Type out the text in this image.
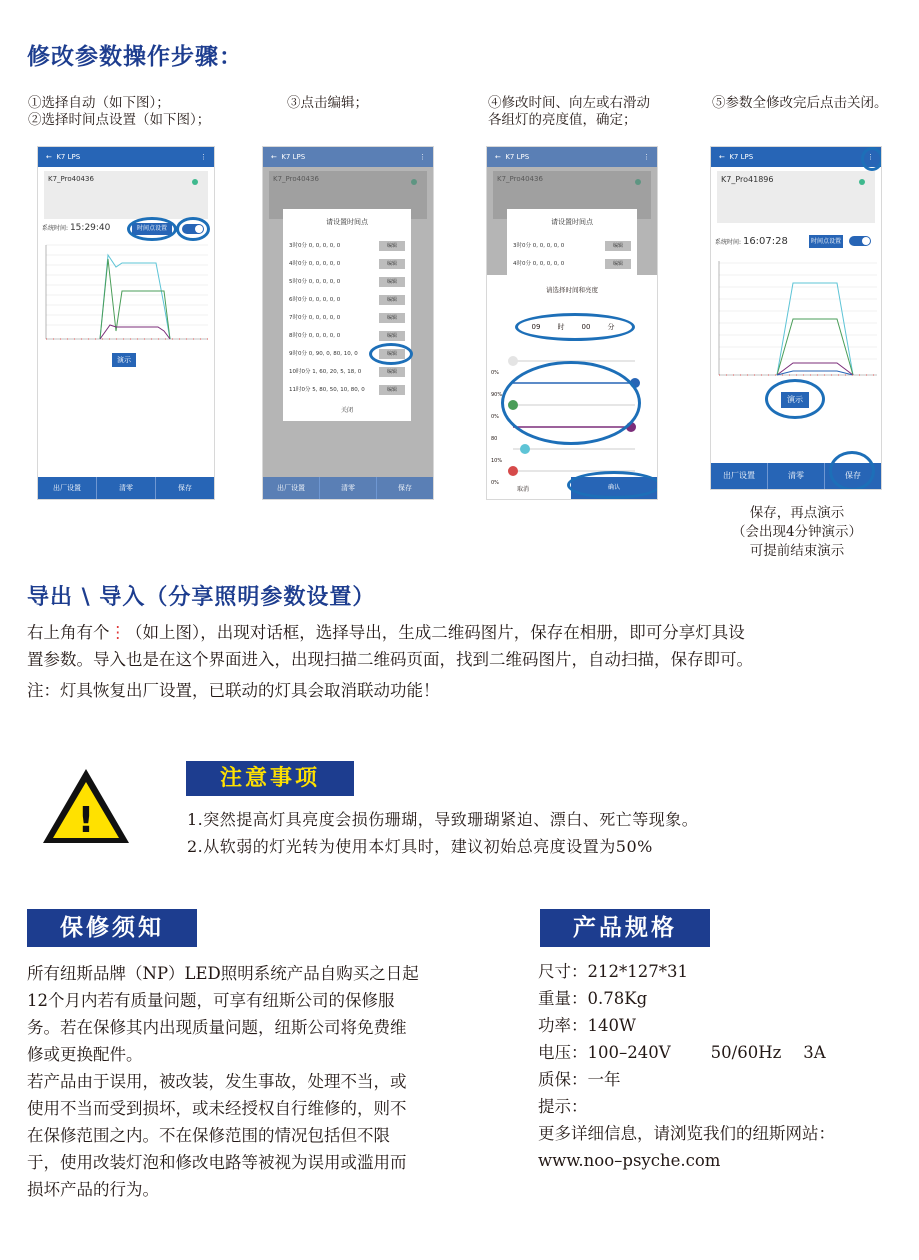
修改参数操作步骤：
①选择自动（如下图）；
②选择时间点设置（如下图）；
③点击编辑；	④修改时间、向左或右滑动
各组灯的亮度值，确定；
⑤参数全修改完后点击关闭。
← K7 LPS	⋮
K7_Pro40436
系统时间: 15:29:40	时间点设置
演示
出厂设置	清零	保存
← K7 LPS	⋮
请设置时间点
3时0分 0, 0, 0, 0, 0	编辑
4时0分 0, 0, 0, 0, 0	编辑
5时0分 0, 0, 0, 0, 0	编辑
6时0分 0, 0, 0, 0, 0	编辑
7时0分 0, 0, 0, 0, 0	编辑
8时0分 0, 0, 0, 0, 0	编辑
9时0分 0, 90, 0, 80, 10, 0	编辑
10时0分 1, 60, 20, 5, 18, 0	编辑
11时0分 5, 80, 50, 10, 80, 0	编辑
关闭
出厂设置	清零	保存
← K7 LPS	⋮
请设置时间点
3时0分 0, 0, 0, 0, 0	编辑
4时0分 0, 0, 0, 0, 0	编辑
请选择时间和亮度
09 时 00 分
0%
90%
0%
80
10%
0%
取消	确认
← K7 LPS	⋮
K7_Pro41896
系统时间: 16:07:28	时间点设置
演示
出厂设置	清零	保存
保存，再点演示
（会出现4分钟演示）
可提前结束演示
导出 \ 导入（分享照明参数设置）
右上角有个⋮（如上图），出现对话框，选择导出，生成二维码图片，保存在相册，即可分享灯具设
置参数。导入也是在这个界面进入，出现扫描二维码页面，找到二维码图片，自动扫描，保存即可。
注：灯具恢复出厂设置，已联动的灯具会取消联动功能！
!
注意事项
1.突然提高灯具亮度会损伤珊瑚，导致珊瑚紧迫、漂白、死亡等现象。
2.从软弱的灯光转为使用本灯具时，建议初始总亮度设置为50%
保修须知
所有纽斯品牌（NP）LED照明系统产品自购买之日起
12个月内若有质量问题，可享有纽斯公司的保修服
务。若在保修其内出现质量问题，纽斯公司将免费维
修或更换配件。
若产品由于误用，被改装，发生事故，处理不当，或
使用不当而受到损坏，或未经授权自行维修的，则不
在保修范围之内。不在保修范围的情况包括但不限
于，使用改装灯泡和修改电路等被视为误用或滥用而
损坏产品的行为。
产品规格
尺寸：212*127*31
重量：0.78Kg
功率：140W
电压：100–240V 50/60Hz 3A
质保：一年
提示：
更多详细信息，请浏览我们的纽斯网站：
www.noo–psyche.com
